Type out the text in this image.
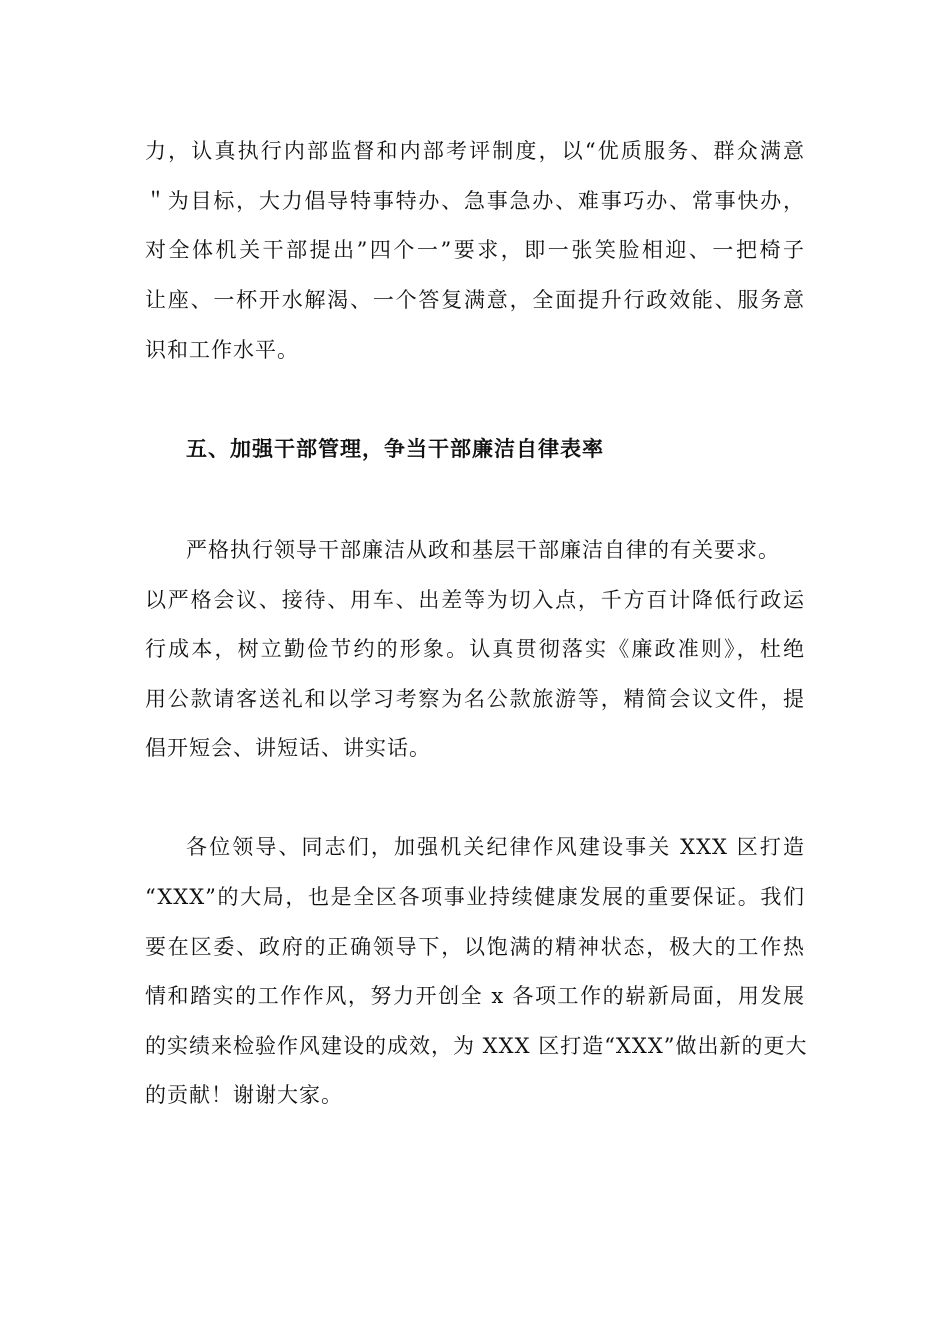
力，认真执行内部监督和内部考评制度，以“优质服务、群众满意
＂为目标，大力倡导特事特办、急事急办、难事巧办、常事快办，
对全体机关干部提出”四个一”要求，即一张笑脸相迎、一把椅子
让座、一杯开水解渴、一个答复满意，全面提升行政效能、服务意
识和工作水平。
五、加强干部管理，争当干部廉洁自律表率
严格执行领导干部廉洁从政和基层干部廉洁自律的有关要求。
以严格会议、接待、用车、出差等为切入点，千方百计降低行政运
行成本，树立勤俭节约的形象。认真贯彻落实《廉政准则》，杜绝
用公款请客送礼和以学习考察为名公款旅游等，精简会议文件，提
倡开短会、讲短话、讲实话。
各位领导、同志们，加强机关纪律作风建设事关 XXX 区打造
“XXX”的大局，也是全区各项事业持续健康发展的重要保证。我们
要在区委、政府的正确领导下，以饱满的精神状态，极大的工作热
情和踏实的工作作风，努力开创全 x 各项工作的崭新局面，用发展
的实绩来检验作风建设的成效，为 XXX 区打造“XXX”做出新的更大
的贡献！谢谢大家。
